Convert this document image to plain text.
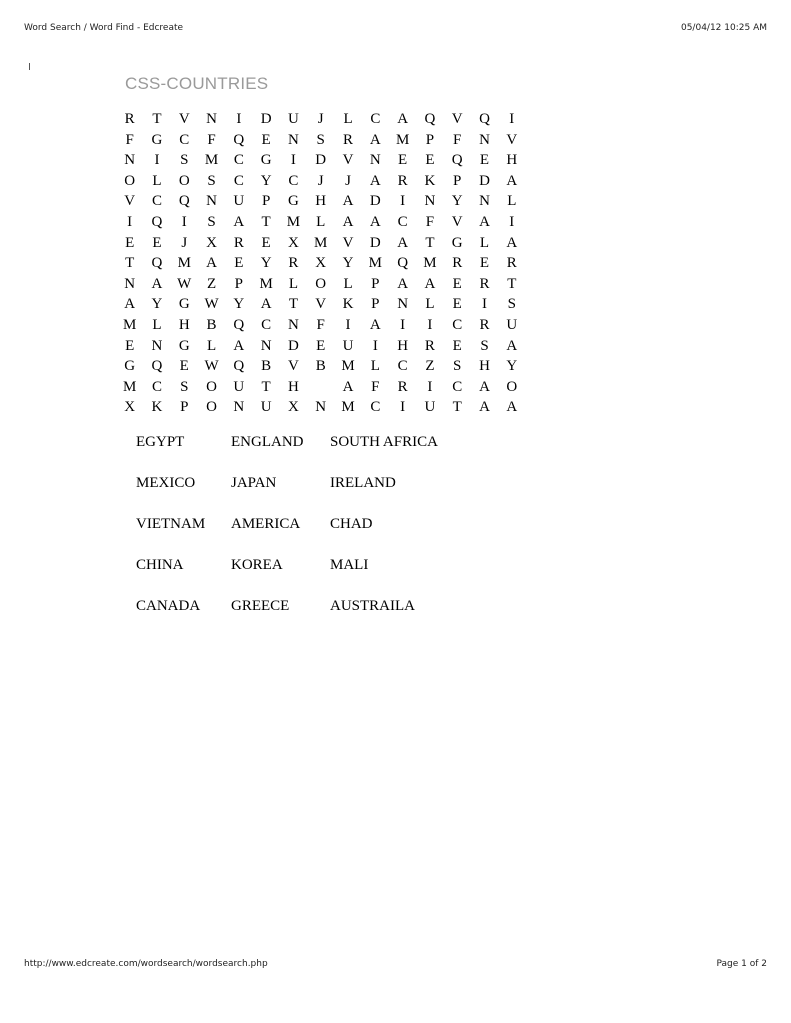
Word Search / Word Find - Edcreate	05/04/12 10:25 AM
CSS-COUNTRIES
R	T	V	N	I	D	U	J	L	C	A	Q	V	Q	I
F	G	C	F	Q	E	N	S	R	A	M	P	F	N	V
N	I	S	M	C	G	I	D	V	N	E	E	Q	E	H
O	L	O	S	C	Y	C	J	J	A	R	K	P	D	A
V	C	Q	N	U	P	G	H	A	D	I	N	Y	N	L
I	Q	I	S	A	T	M	L	A	A	C	F	V	A	I
E	E	J	X	R	E	X	M	V	D	A	T	G	L	A
T	Q	M	A	E	Y	R	X	Y	M	Q	M	R	E	R
N	A	W	Z	P	M	L	O	L	P	A	A	E	R	T
A	Y	G	W	Y	A	T	V	K	P	N	L	E	I	S
M	L	H	B	Q	C	N	F	I	A	I	I	C	R	U
E	N	G	L	A	N	D	E	U	I	H	R	E	S	A
G	Q	E	W	Q	B	V	B	M	L	C	Z	S	H	Y
M	C	S	O	U	T	H		A	F	R	I	C	A	O
X	K	P	O	N	U	X	N	M	C	I	U	T	A	A
EGYPT	ENGLAND	SOUTH AFRICA
MEXICO	JAPAN	IRELAND
VIETNAM	AMERICA	CHAD
CHINA	KOREA	MALI
CANADA	GREECE	AUSTRAILA
http://www.edcreate.com/wordsearch/wordsearch.php	Page 1 of 2
